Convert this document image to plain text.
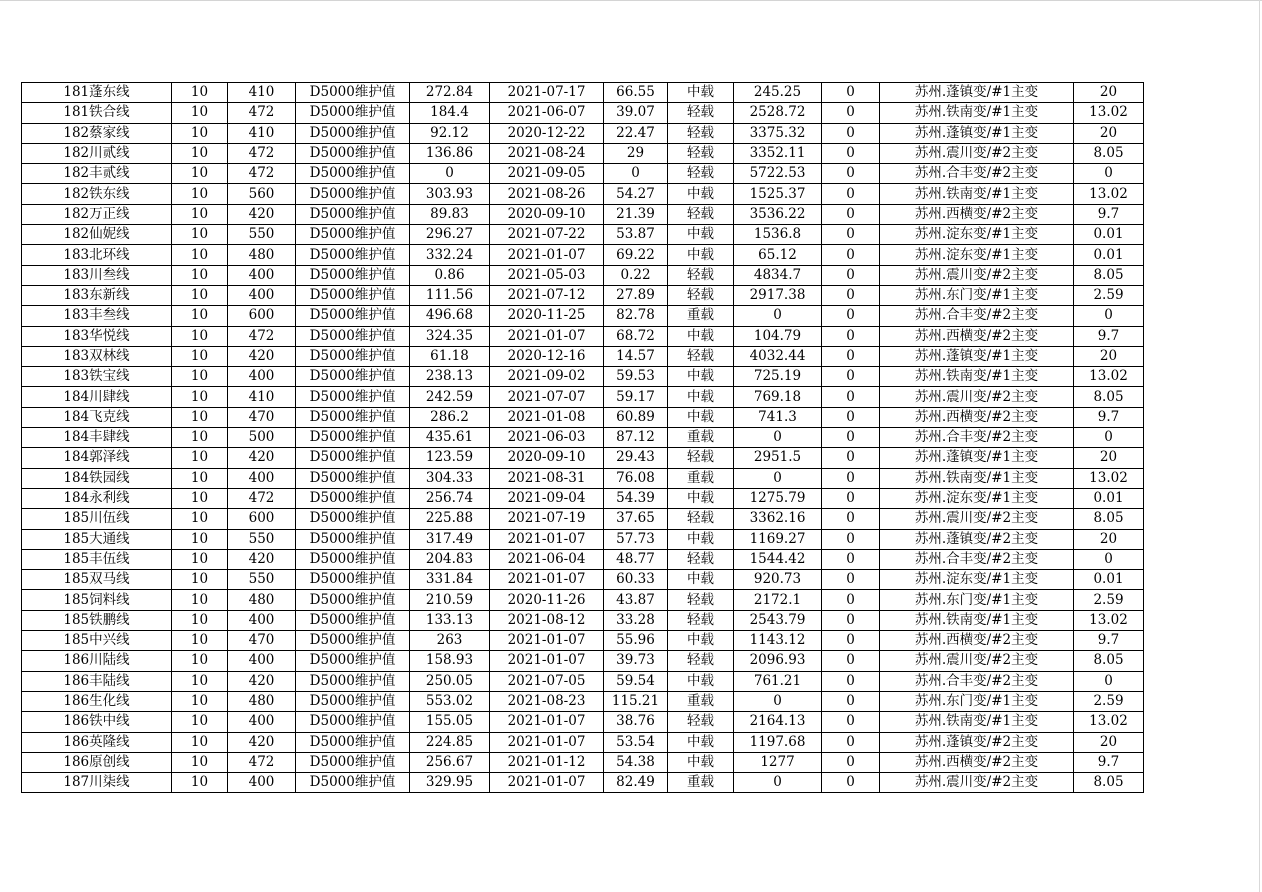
181蓬东线	10	410	D5000维护值	272.84	2021-07-17	66.55	中载	245.25	0	苏州.蓬镇变/#1主变	20
181铁合线	10	472	D5000维护值	184.4	2021-06-07	39.07	轻载	2528.72	0	苏州.铁南变/#1主变	13.02
182蔡家线	10	410	D5000维护值	92.12	2020-12-22	22.47	轻载	3375.32	0	苏州.蓬镇变/#1主变	20
182川贰线	10	472	D5000维护值	136.86	2021-08-24	29	轻载	3352.11	0	苏州.震川变/#2主变	8.05
182丰贰线	10	472	D5000维护值	0	2021-09-05	0	轻载	5722.53	0	苏州.合丰变/#2主变	0
182铁东线	10	560	D5000维护值	303.93	2021-08-26	54.27	中载	1525.37	0	苏州.铁南变/#1主变	13.02
182万正线	10	420	D5000维护值	89.83	2020-09-10	21.39	轻载	3536.22	0	苏州.西横变/#2主变	9.7
182仙妮线	10	550	D5000维护值	296.27	2021-07-22	53.87	中载	1536.8	0	苏州.淀东变/#1主变	0.01
183北环线	10	480	D5000维护值	332.24	2021-01-07	69.22	中载	65.12	0	苏州.淀东变/#1主变	0.01
183川叁线	10	400	D5000维护值	0.86	2021-05-03	0.22	轻载	4834.7	0	苏州.震川变/#2主变	8.05
183东新线	10	400	D5000维护值	111.56	2021-07-12	27.89	轻载	2917.38	0	苏州.东门变/#1主变	2.59
183丰叁线	10	600	D5000维护值	496.68	2020-11-25	82.78	重载	0	0	苏州.合丰变/#2主变	0
183华悦线	10	472	D5000维护值	324.35	2021-01-07	68.72	中载	104.79	0	苏州.西横变/#2主变	9.7
183双林线	10	420	D5000维护值	61.18	2020-12-16	14.57	轻载	4032.44	0	苏州.蓬镇变/#1主变	20
183铁宝线	10	400	D5000维护值	238.13	2021-09-02	59.53	中载	725.19	0	苏州.铁南变/#1主变	13.02
184川肆线	10	410	D5000维护值	242.59	2021-07-07	59.17	中载	769.18	0	苏州.震川变/#2主变	8.05
184飞克线	10	470	D5000维护值	286.2	2021-01-08	60.89	中载	741.3	0	苏州.西横变/#2主变	9.7
184丰肆线	10	500	D5000维护值	435.61	2021-06-03	87.12	重载	0	0	苏州.合丰变/#2主变	0
184郭泽线	10	420	D5000维护值	123.59	2020-09-10	29.43	轻载	2951.5	0	苏州.蓬镇变/#1主变	20
184铁园线	10	400	D5000维护值	304.33	2021-08-31	76.08	重载	0	0	苏州.铁南变/#1主变	13.02
184永利线	10	472	D5000维护值	256.74	2021-09-04	54.39	中载	1275.79	0	苏州.淀东变/#1主变	0.01
185川伍线	10	600	D5000维护值	225.88	2021-07-19	37.65	轻载	3362.16	0	苏州.震川变/#2主变	8.05
185大通线	10	550	D5000维护值	317.49	2021-01-07	57.73	中载	1169.27	0	苏州.蓬镇变/#2主变	20
185丰伍线	10	420	D5000维护值	204.83	2021-06-04	48.77	轻载	1544.42	0	苏州.合丰变/#2主变	0
185双马线	10	550	D5000维护值	331.84	2021-01-07	60.33	中载	920.73	0	苏州.淀东变/#1主变	0.01
185饲料线	10	480	D5000维护值	210.59	2020-11-26	43.87	轻载	2172.1	0	苏州.东门变/#1主变	2.59
185铁鹏线	10	400	D5000维护值	133.13	2021-08-12	33.28	轻载	2543.79	0	苏州.铁南变/#1主变	13.02
185中兴线	10	470	D5000维护值	263	2021-01-07	55.96	中载	1143.12	0	苏州.西横变/#2主变	9.7
186川陆线	10	400	D5000维护值	158.93	2021-01-07	39.73	轻载	2096.93	0	苏州.震川变/#2主变	8.05
186丰陆线	10	420	D5000维护值	250.05	2021-07-05	59.54	中载	761.21	0	苏州.合丰变/#2主变	0
186生化线	10	480	D5000维护值	553.02	2021-08-23	115.21	重载	0	0	苏州.东门变/#1主变	2.59
186铁中线	10	400	D5000维护值	155.05	2021-01-07	38.76	轻载	2164.13	0	苏州.铁南变/#1主变	13.02
186英隆线	10	420	D5000维护值	224.85	2021-01-07	53.54	中载	1197.68	0	苏州.蓬镇变/#2主变	20
186原创线	10	472	D5000维护值	256.67	2021-01-12	54.38	中载	1277	0	苏州.西横变/#2主变	9.7
187川柒线	10	400	D5000维护值	329.95	2021-01-07	82.49	重载	0	0	苏州.震川变/#2主变	8.05
